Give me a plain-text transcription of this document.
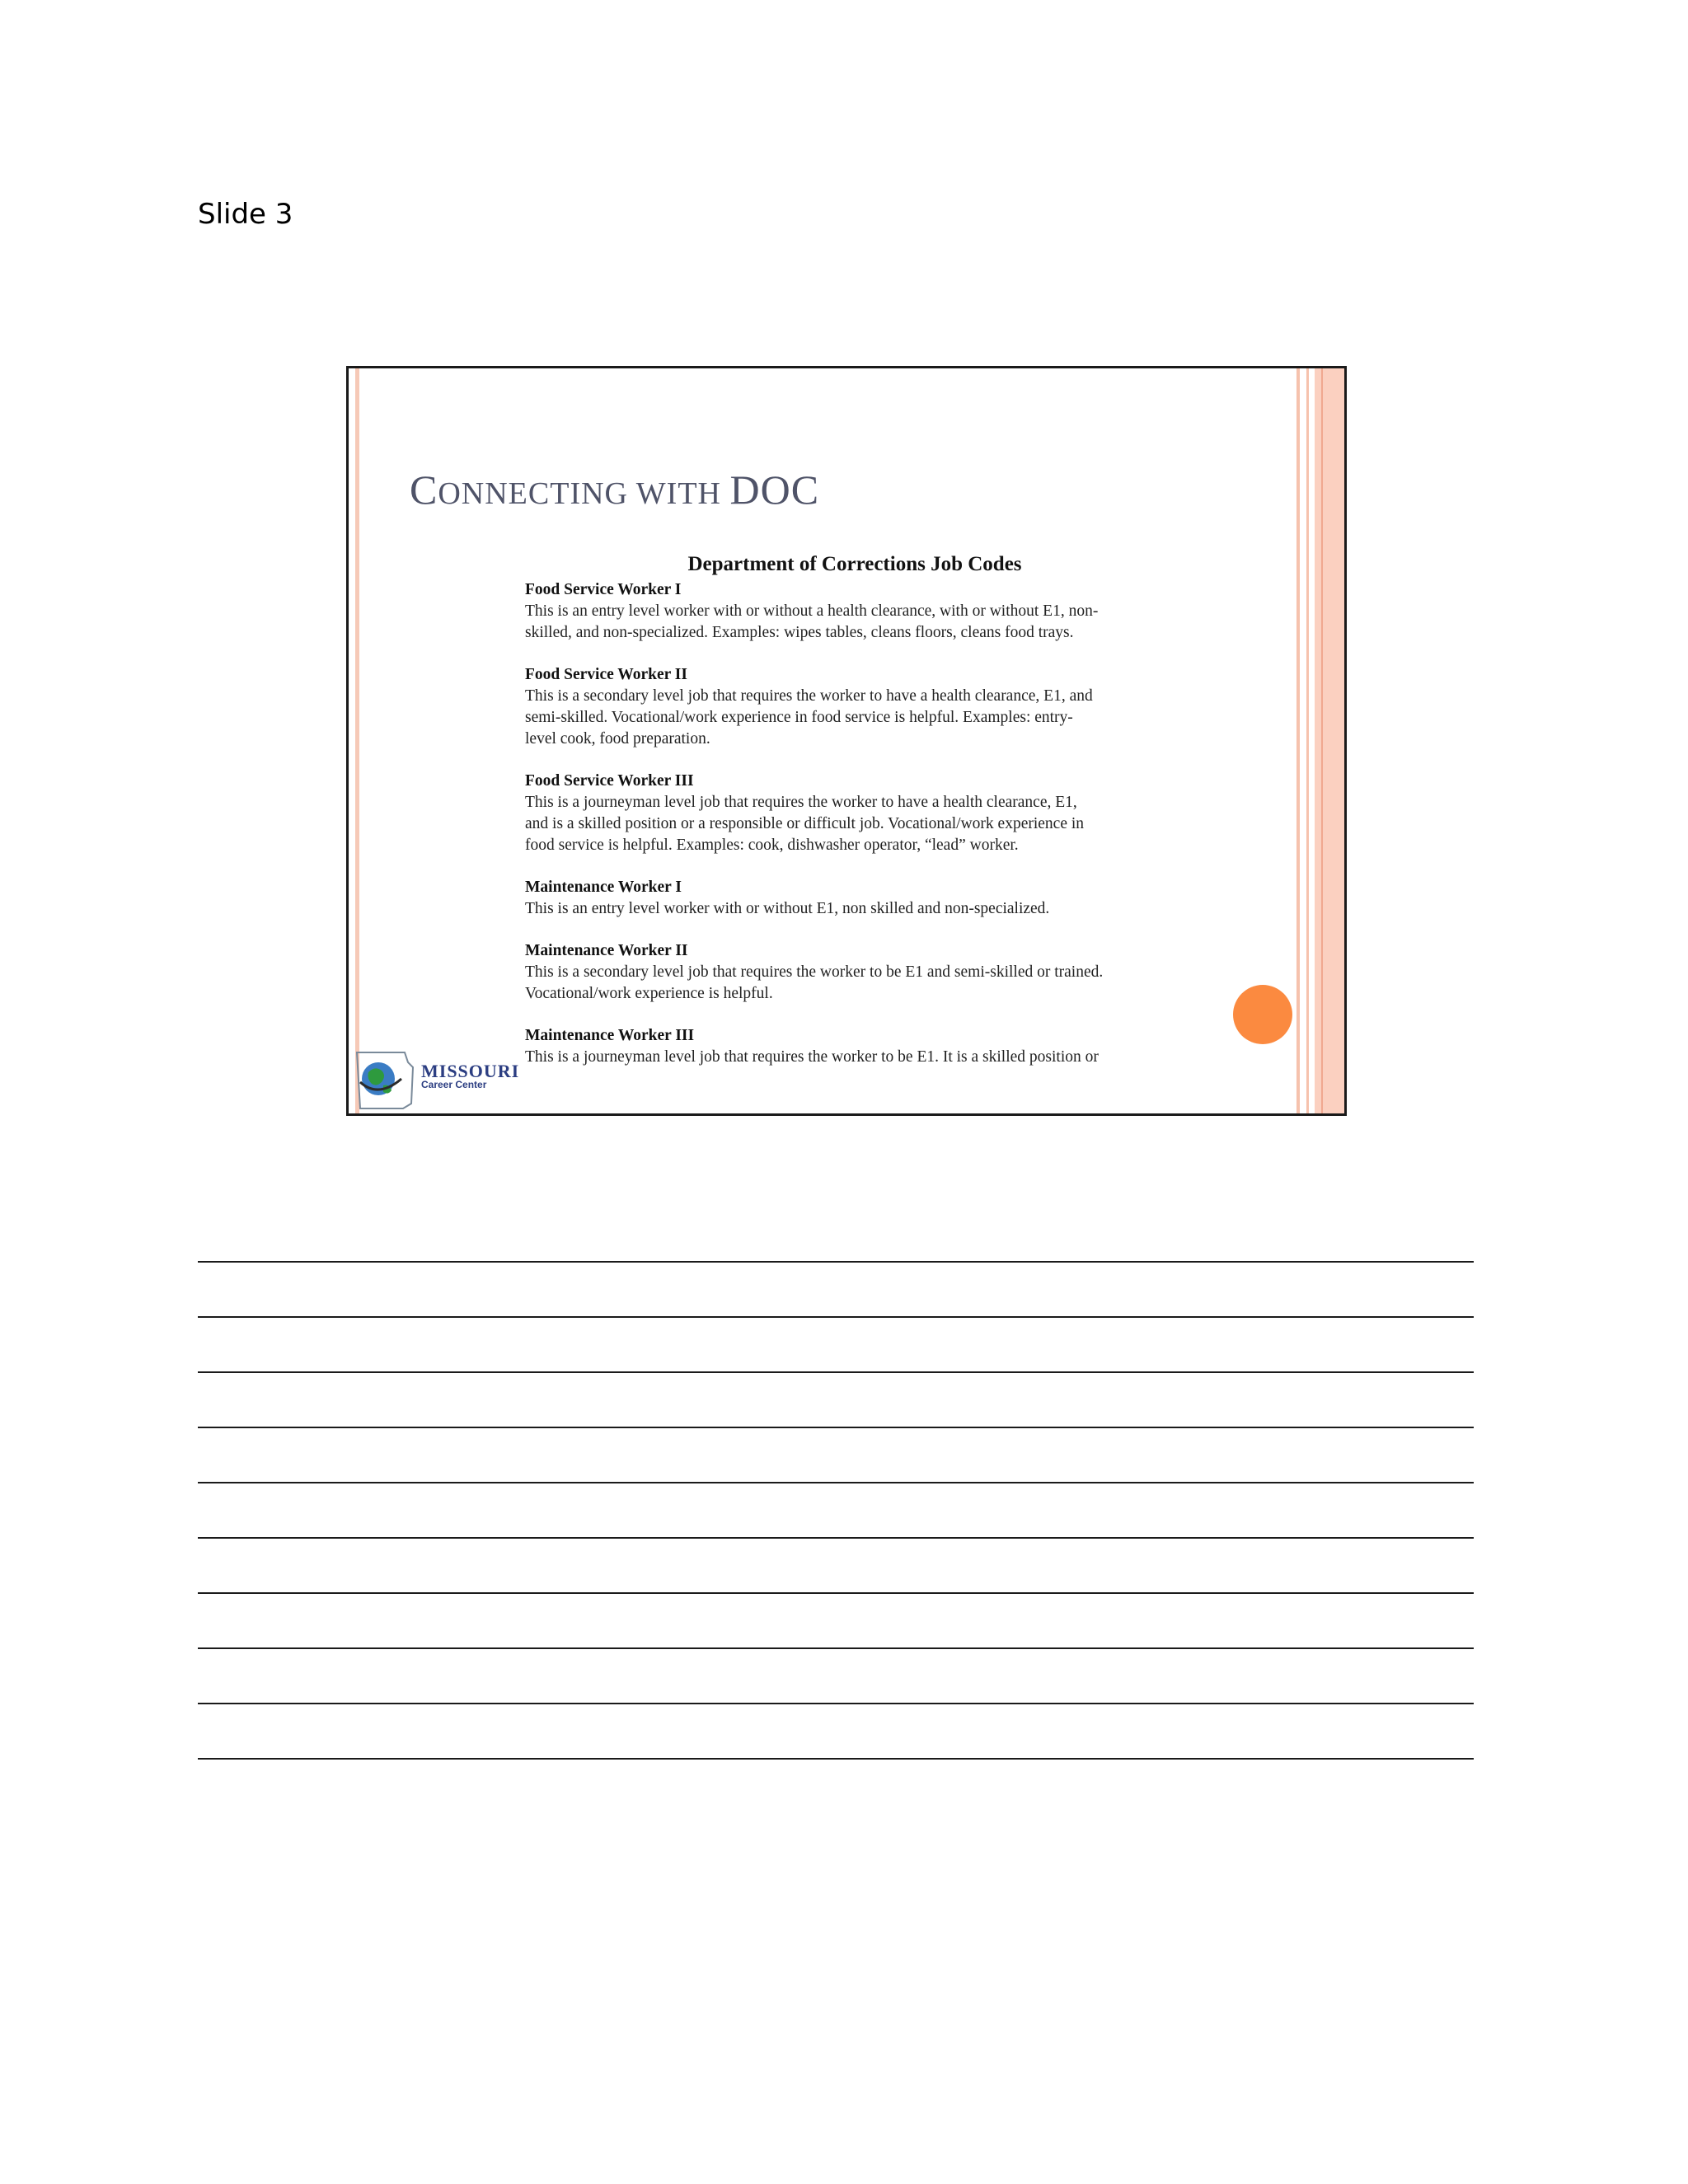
Slide 3
CONNECTING WITH DOC
Department of Corrections Job Codes
Food Service Worker I
This is an entry level worker with or without a health clearance, with or without E1, non-
skilled, and non-specialized. Examples: wipes tables, cleans floors, cleans food trays.
Food Service Worker II
This is a secondary level job that requires the worker to have a health clearance, E1, and
semi-skilled. Vocational/work experience in food service is helpful. Examples: entry-
level cook, food preparation.
Food Service Worker III
This is a journeyman level job that requires the worker to have a health clearance, E1,
and is a skilled position or a responsible or difficult job. Vocational/work experience in
food service is helpful. Examples: cook, dishwasher operator, “lead” worker.
Maintenance Worker I
This is an entry level worker with or without E1, non skilled and non-specialized.
Maintenance Worker II
This is a secondary level job that requires the worker to be E1 and semi-skilled or trained.
Vocational/work experience is helpful.
Maintenance Worker III
This is a journeyman level job that requires the worker to be E1. It is a skilled position or
MISSOURI
Career Center
